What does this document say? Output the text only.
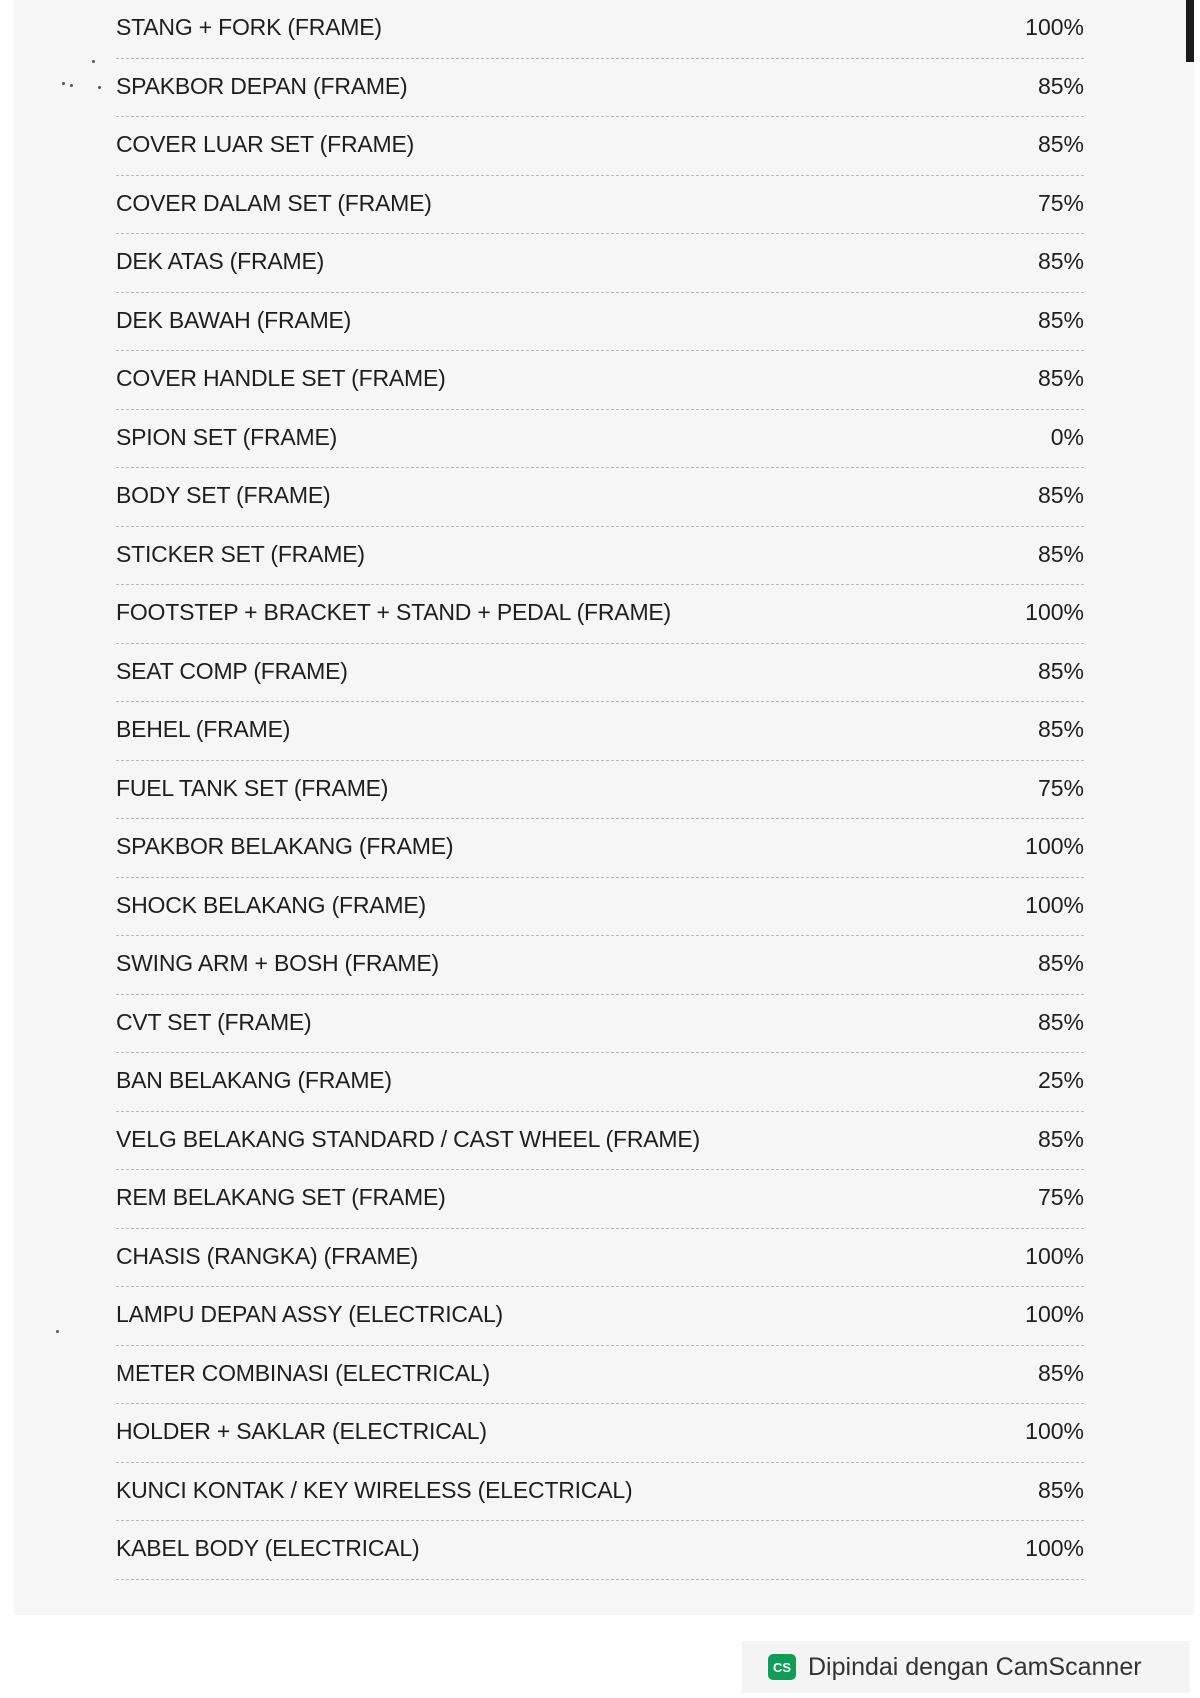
STANG + FORK (FRAME)	100%
SPAKBOR DEPAN (FRAME)	85%
COVER LUAR SET (FRAME)	85%
COVER DALAM SET (FRAME)	75%
DEK ATAS (FRAME)	85%
DEK BAWAH (FRAME)	85%
COVER HANDLE SET (FRAME)	85%
SPION SET (FRAME)	0%
BODY SET (FRAME)	85%
STICKER SET (FRAME)	85%
FOOTSTEP + BRACKET + STAND + PEDAL (FRAME)	100%
SEAT COMP (FRAME)	85%
BEHEL (FRAME)	85%
FUEL TANK SET (FRAME)	75%
SPAKBOR BELAKANG (FRAME)	100%
SHOCK BELAKANG (FRAME)	100%
SWING ARM + BOSH (FRAME)	85%
CVT SET (FRAME)	85%
BAN BELAKANG (FRAME)	25%
VELG BELAKANG STANDARD / CAST WHEEL (FRAME)	85%
REM BELAKANG SET (FRAME)	75%
CHASIS (RANGKA) (FRAME)	100%
LAMPU DEPAN ASSY (ELECTRICAL)	100%
METER COMBINASI (ELECTRICAL)	85%
HOLDER + SAKLAR (ELECTRICAL)	100%
KUNCI KONTAK / KEY WIRELESS (ELECTRICAL)	85%
KABEL BODY (ELECTRICAL)	100%
CS Dipindai dengan CamScanner
